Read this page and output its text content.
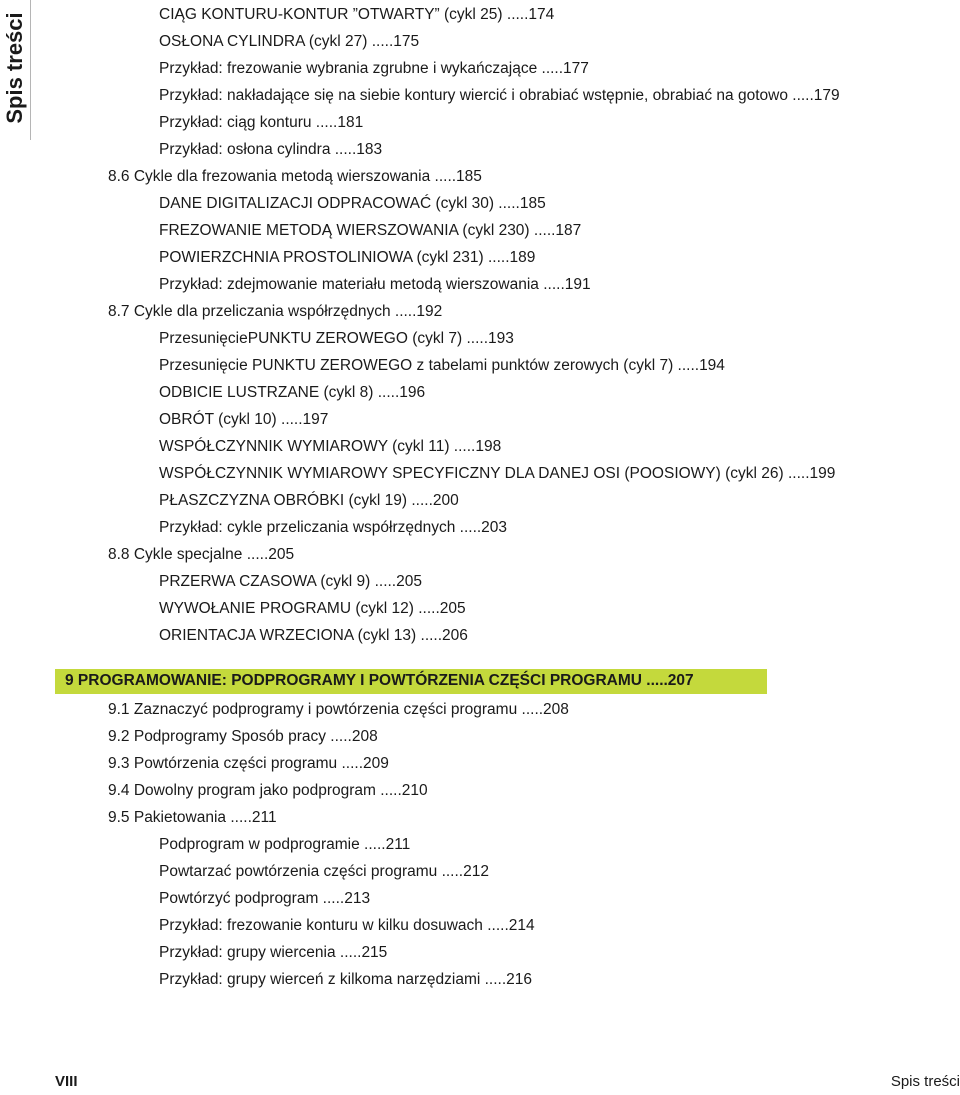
Spis treści	CIĄG KONTURU-KONTUR ”OTWARTY” (cykl 25) .....174
OSŁONA CYLINDRA (cykl 27) .....175
Przykład: frezowanie wybrania zgrubne i wykańczające .....177
Przykład: nakładające się na siebie kontury wiercić i obrabiać wstępnie, obrabiać na gotowo .....179
Przykład: ciąg konturu .....181
Przykład: osłona cylindra .....183
8.6 Cykle dla frezowania metodą wierszowania .....185
DANE DIGITALIZACJI ODPRACOWAĆ (cykl 30) .....185
FREZOWANIE METODĄ WIERSZOWANIA (cykl 230) .....187
POWIERZCHNIA PROSTOLINIOWA (cykl 231) .....189
Przykład: zdejmowanie materiału metodą wierszowania .....191
8.7 Cykle dla przeliczania współrzędnych .....192
PrzesunięciePUNKTU ZEROWEGO (cykl 7) .....193
Przesunięcie PUNKTU ZEROWEGO z tabelami punktów zerowych (cykl 7) .....194
ODBICIE LUSTRZANE (cykl 8) .....196
OBRÓT (cykl 10) .....197
WSPÓŁCZYNNIK WYMIAROWY (cykl 11) .....198
WSPÓŁCZYNNIK WYMIAROWY SPECYFICZNY DLA DANEJ OSI (POOSIOWY) (cykl 26) .....199
PŁASZCZYZNA OBRÓBKI (cykl 19) .....200
Przykład: cykle przeliczania współrzędnych .....203
8.8 Cykle specjalne .....205
PRZERWA CZASOWA (cykl 9) .....205
WYWOŁANIE PROGRAMU (cykl 12) .....205
ORIENTACJA WRZECIONA (cykl 13) .....206
9 PROGRAMOWANIE: PODPROGRAMY I POWTÓRZENIA CZĘŚCI PROGRAMU .....207
9.1 Zaznaczyć podprogramy i powtórzenia części programu .....208
9.2 Podprogramy Sposób pracy .....208
9.3 Powtórzenia części programu .....209
9.4 Dowolny program jako podprogram .....210
9.5 Pakietowania .....211
Podprogram w podprogramie .....211
Powtarzać powtórzenia części programu .....212
Powtórzyć podprogram .....213
Przykład: frezowanie konturu w kilku dosuwach .....214
Przykład: grupy wiercenia .....215
Przykład: grupy wierceń z kilkoma narzędziami .....216
VIII	Spis treści
